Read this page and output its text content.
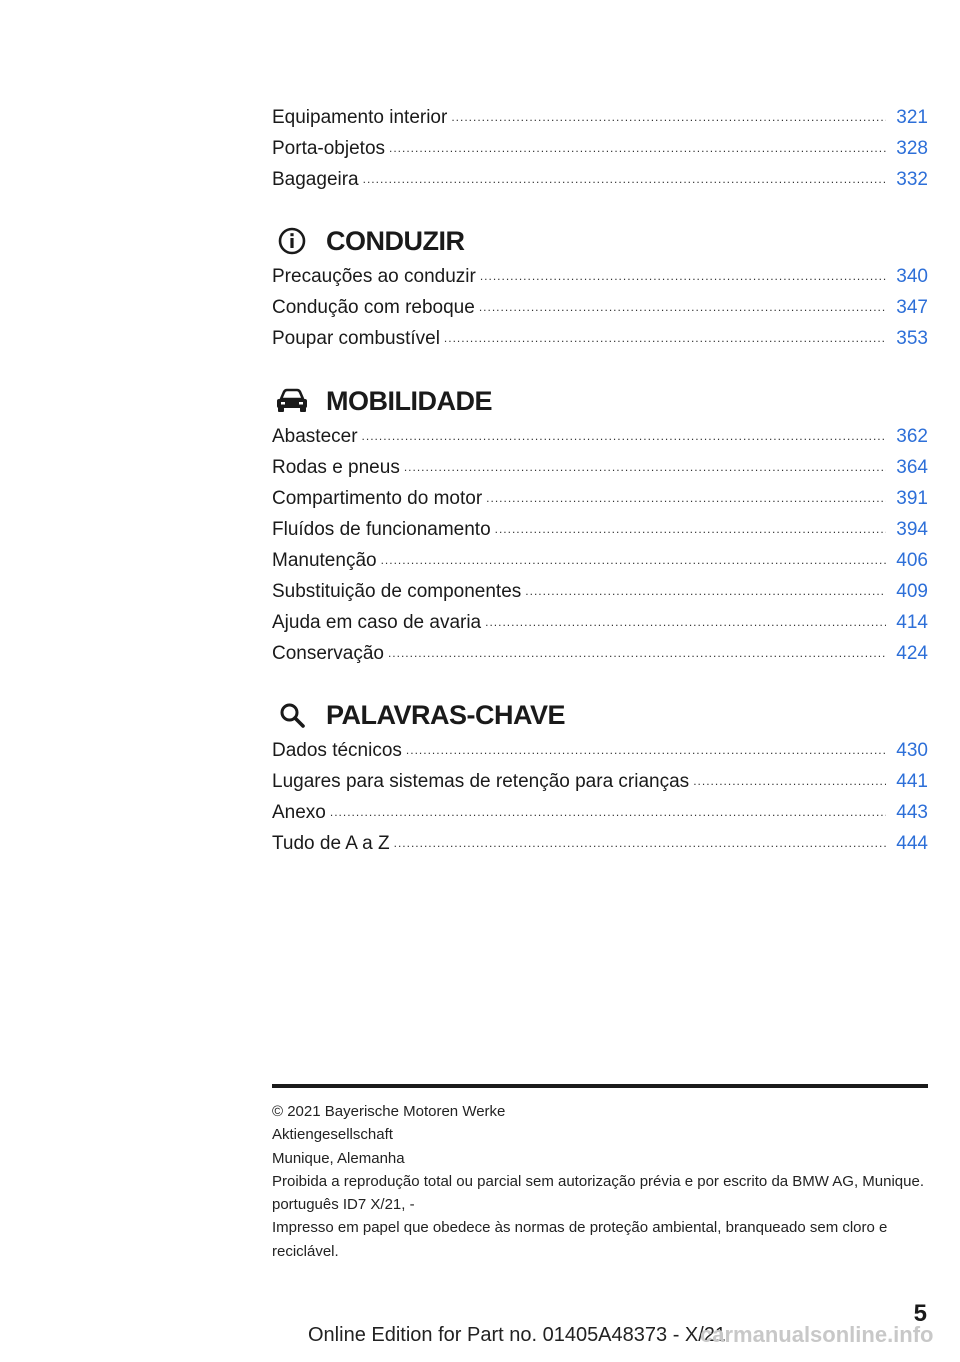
Equipamento interior .....	321
Porta-objetos .....	328
Bagageira .....	332
CONDUZIR
Precauções ao conduzir .....	340
Condução com reboque .....	347
Poupar combustível .....	353
MOBILIDADE
Abastecer .....	362
Rodas e pneus .....	364
Compartimento do motor .....	391
Fluídos de funcionamento .....	394
Manutenção .....	406
Substituição de componentes .....	409
Ajuda em caso de avaria .....	414
Conservação .....	424
PALAVRAS-CHAVE
Dados técnicos .....	430
Lugares para sistemas de retenção para crianças .....	441
Anexo .....	443
Tudo de A a Z .....	444
© 2021 Bayerische Motoren Werke
Aktiengesellschaft
Munique, Alemanha
Proibida a reprodução total ou parcial sem autorização prévia e por escrito da BMW AG, Munique.
português ID7 X/21, -
Impresso em papel que obedece às normas de proteção ambiental, branqueado sem cloro e reciclável.
5
Online Edition for Part no. 01405A48373 - X/21
carmanualsonline.info
